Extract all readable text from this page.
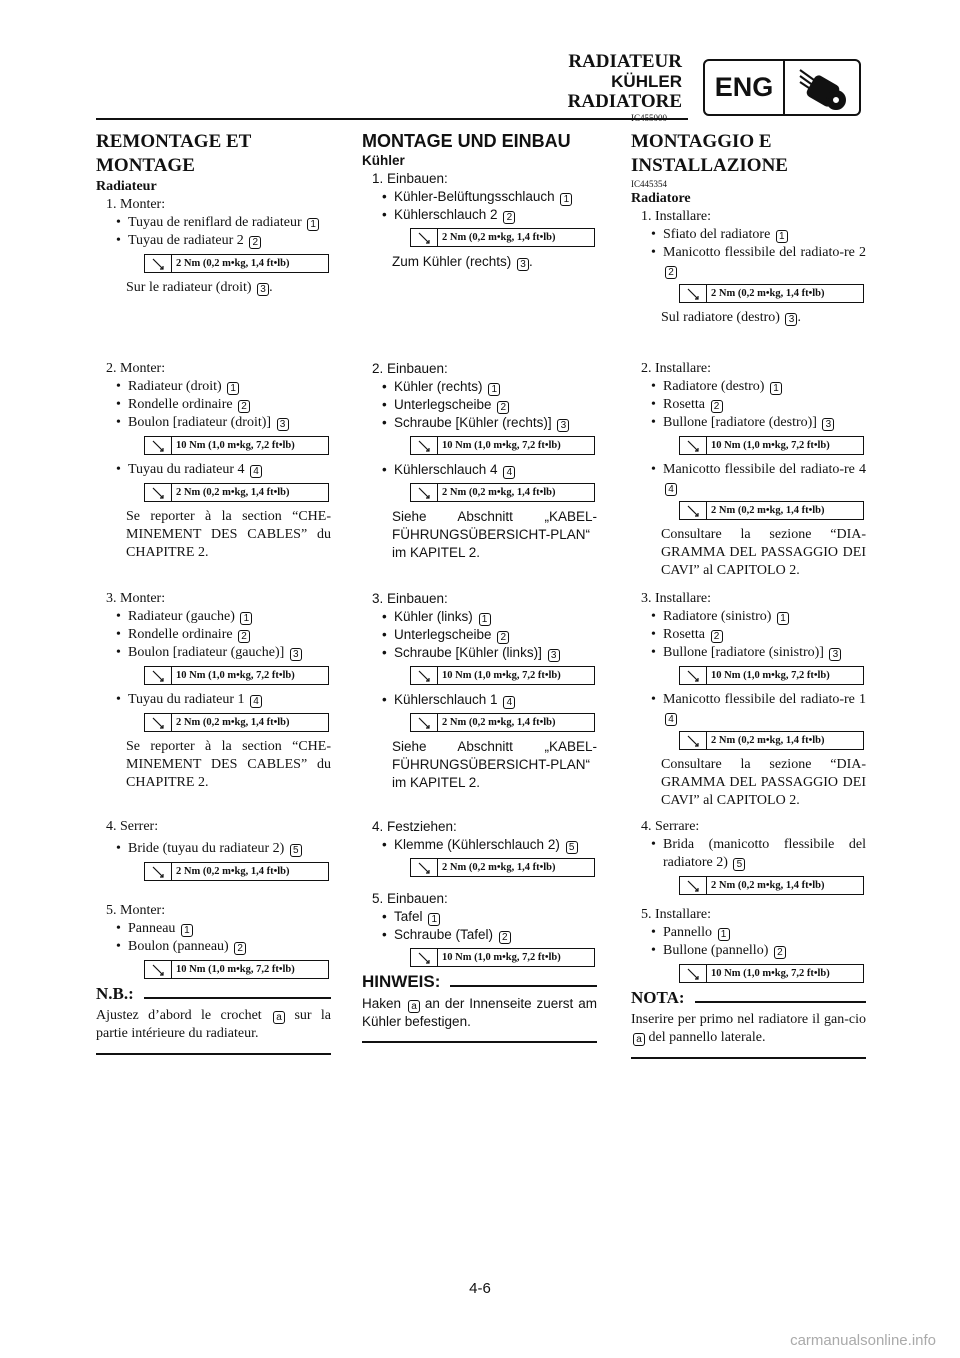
RADIATEUR
KÜHLER
RADIATORE	ENG
IC455000
REMONTAGE ET
MONTAGE
Radiateur
1. Monter:
• Tuyau de reniflard de radiateur 1
• Tuyau de radiateur 2 2
2 Nm (0,2 m•kg, 1,4 ft•lb)
Sur le radiateur (droit) 3 .
2. Monter:
• Radiateur (droit) 1
• Rondelle ordinaire 2
• Boulon [radiateur (droit)] 3
10 Nm (1,0 m•kg, 7,2 ft•lb)
• Tuyau du radiateur 4 4
2 Nm (0,2 m•kg, 1,4 ft•lb)
Se reporter à la section “CHE-MINEMENT DES CABLES” du CHAPITRE 2.
3. Monter:
• Radiateur (gauche) 1
• Rondelle ordinaire 2
• Boulon [radiateur (gauche)] 3
10 Nm (1,0 m•kg, 7,2 ft•lb)
• Tuyau du radiateur 1 4
2 Nm (0,2 m•kg, 1,4 ft•lb)
Se reporter à la section “CHE-MINEMENT DES CABLES” du CHAPITRE 2.
4. Serrer:
• Bride (tuyau du radiateur 2) 5
2 Nm (0,2 m•kg, 1,4 ft•lb)
5. Monter:
• Panneau 1
• Boulon (panneau) 2
10 Nm (1,0 m•kg, 7,2 ft•lb)
N.B.:
Ajustez d’abord le crochet a sur la partie intérieure du radiateur.
MONTAGE UND EINBAU
Kühler
1. Einbauen:
• Kühler-Belüftungsschlauch 1
• Kühlerschlauch 2 2
2 Nm (0,2 m•kg, 1,4 ft•lb)
Zum Kühler (rechts) 3 .
2. Einbauen:
• Kühler (rechts) 1
• Unterlegscheibe 2
• Schraube [Kühler (rechts)] 3
10 Nm (1,0 m•kg, 7,2 ft•lb)
• Kühlerschlauch 4 4
2 Nm (0,2 m•kg, 1,4 ft•lb)
Siehe Abschnitt „KABEL-FÜHRUNGSÜBERSICHT-PLAN“ im KAPITEL 2.
3. Einbauen:
• Kühler (links) 1
• Unterlegscheibe 2
• Schraube [Kühler (links)] 3
10 Nm (1,0 m•kg, 7,2 ft•lb)
• Kühlerschlauch 1 4
2 Nm (0,2 m•kg, 1,4 ft•lb)
Siehe Abschnitt „KABEL-FÜHRUNGSÜBERSICHT-PLAN“ im KAPITEL 2.
4. Festziehen:
• Klemme (Kühlerschlauch 2) 5
2 Nm (0,2 m•kg, 1,4 ft•lb)
5. Einbauen:
• Tafel 1
• Schraube (Tafel) 2
10 Nm (1,0 m•kg, 7,2 ft•lb)
HINWEIS:
Haken a an der Innenseite zuerst am Kühler befestigen.
MONTAGGIO E
INSTALLAZIONE
IC445354
Radiatore
1. Installare:
• Sfiato del radiatore 1
• Manicotto flessibile del radiato-re 2 2
2 Nm (0,2 m•kg, 1,4 ft•lb)
Sul radiatore (destro) 3 .
2. Installare:
• Radiatore (destro) 1
• Rosetta 2
• Bullone [radiatore (destro)] 3
10 Nm (1,0 m•kg, 7,2 ft•lb)
• Manicotto flessibile del radiato-re 4 4
2 Nm (0,2 m•kg, 1,4 ft•lb)
Consultare la sezione “DIA-GRAMMA DEL PASSAGGIO DEI CAVI” al CAPITOLO 2.
3. Installare:
• Radiatore (sinistro) 1
• Rosetta 2
• Bullone [radiatore (sinistro)] 3
10 Nm (1,0 m•kg, 7,2 ft•lb)
• Manicotto flessibile del radiato-re 1 4
2 Nm (0,2 m•kg, 1,4 ft•lb)
Consultare la sezione “DIA-GRAMMA DEL PASSAGGIO DEI CAVI” al CAPITOLO 2.
4. Serrare:
• Brida (manicotto flessibile del radiatore 2) 5
2 Nm (0,2 m•kg, 1,4 ft•lb)
5. Installare:
• Pannello 1
• Bullone (pannello) 2
10 Nm (1,0 m•kg, 7,2 ft•lb)
NOTA:
Inserire per primo nel radiatore il gan-cio a del pannello laterale.
4-6
carmanualsonline.info
